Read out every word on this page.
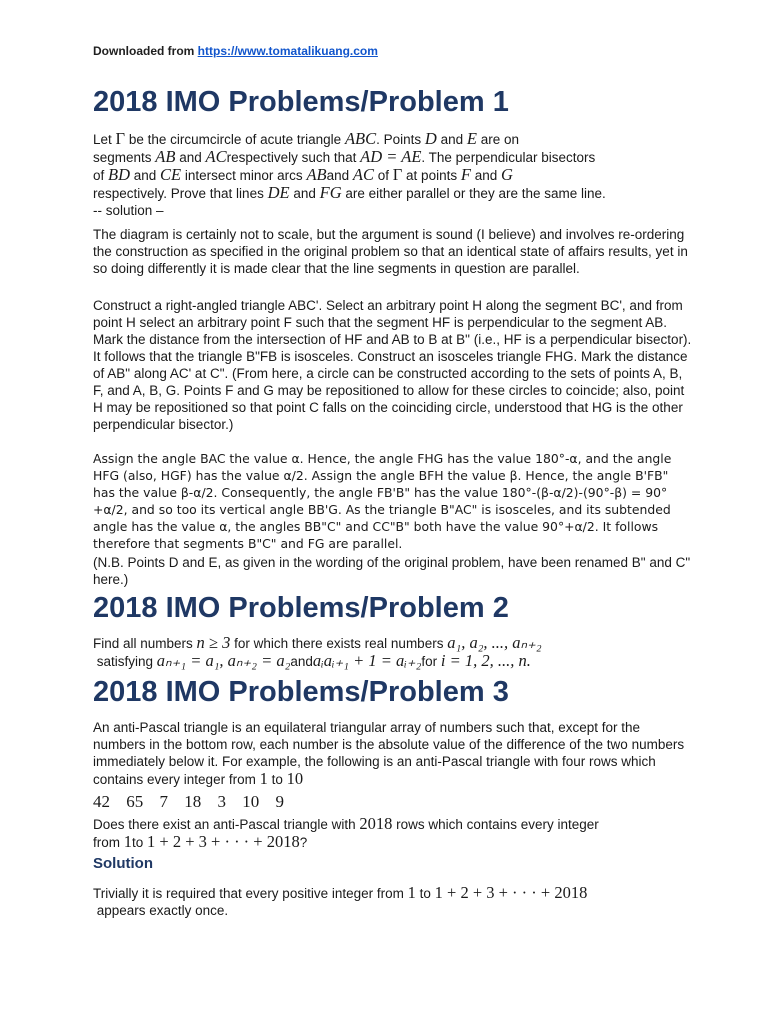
Downloaded from https://www.tomatalikuang.com
2018 IMO Problems/Problem 1

Let Γ be the circumcircle of acute triangle ABC. Points D and E are on
segments AB and ACrespectively such that AD = AE. The perpendicular bisectors
of BD and CE intersect minor arcs ABand AC of Γ at points F and G
respectively. Prove that lines DE and FG are either parallel or they are the same line.

-- solution –

The diagram is certainly not to scale, but the argument is sound (I believe) and involves re-ordering the construction as specified in the original problem so that an identical state of affairs results, yet in so doing differently it is made clear that the line segments in question are parallel.

Construct a right-angled triangle ABC'. Select an arbitrary point H along the segment BC', and from point H select an arbitrary point F such that the segment HF is perpendicular to the segment AB. Mark the distance from the intersection of HF and AB to B at B" (i.e., HF is a perpendicular bisector). It follows that the triangle B"FB is isosceles. Construct an isosceles triangle FHG. Mark the distance of AB" along AC' at C". (From here, a circle can be constructed according to the sets of points A, B, F, and A, B, G. Points F and G may be repositioned to allow for these circles to coincide; also, point H may be repositioned so that point C falls on the coinciding circle, understood that HG is the other perpendicular bisector.)

Assign the angle BAC the value α. Hence, the angle FHG has the value 180°-α, and the angle HFG (also, HGF) has the value α/2. Assign the angle BFH the value β. Hence, the angle B'FB" has the value β-α/2. Consequently, the angle FB'B" has the value 180°-(β-α/2)-(90°-β) = 90°+α/2, and so too its vertical angle BB'G. As the triangle B"AC" is isosceles, and its subtended angle has the value α, the angles BB"C" and CC"B" both have the value 90°+α/2. It follows therefore that segments B"C" and FG are parallel.

(N.B. Points D and E, as given in the wording of the original problem, have been renamed B" and C" here.)

2018 IMO Problems/Problem 2

Find all numbers n ≥ 3 for which there exists real numbers a₁, a₂, ..., aₙ₊₂
satisfying aₙ₊₁ = a₁, aₙ₊₂ = a₂andaᵢaᵢ₊₁ + 1 = aᵢ₊₂for i = 1, 2, ..., n.

2018 IMO Problems/Problem 3

An anti-Pascal triangle is an equilateral triangular array of numbers such that, except for the numbers in the bottom row, each number is the absolute value of the difference of the two numbers immediately below it. For example, the following is an anti-Pascal triangle with four rows which contains every integer from 1 to 10

42 65 7 18 3 10 9

Does there exist an anti-Pascal triangle with 2018 rows which contains every integer
from 1to 1 + 2 + 3 + · · · + 2018?

Solution

Trivially it is required that every positive integer from 1 to 1 + 2 + 3 + · · · + 2018
appears exactly once.
